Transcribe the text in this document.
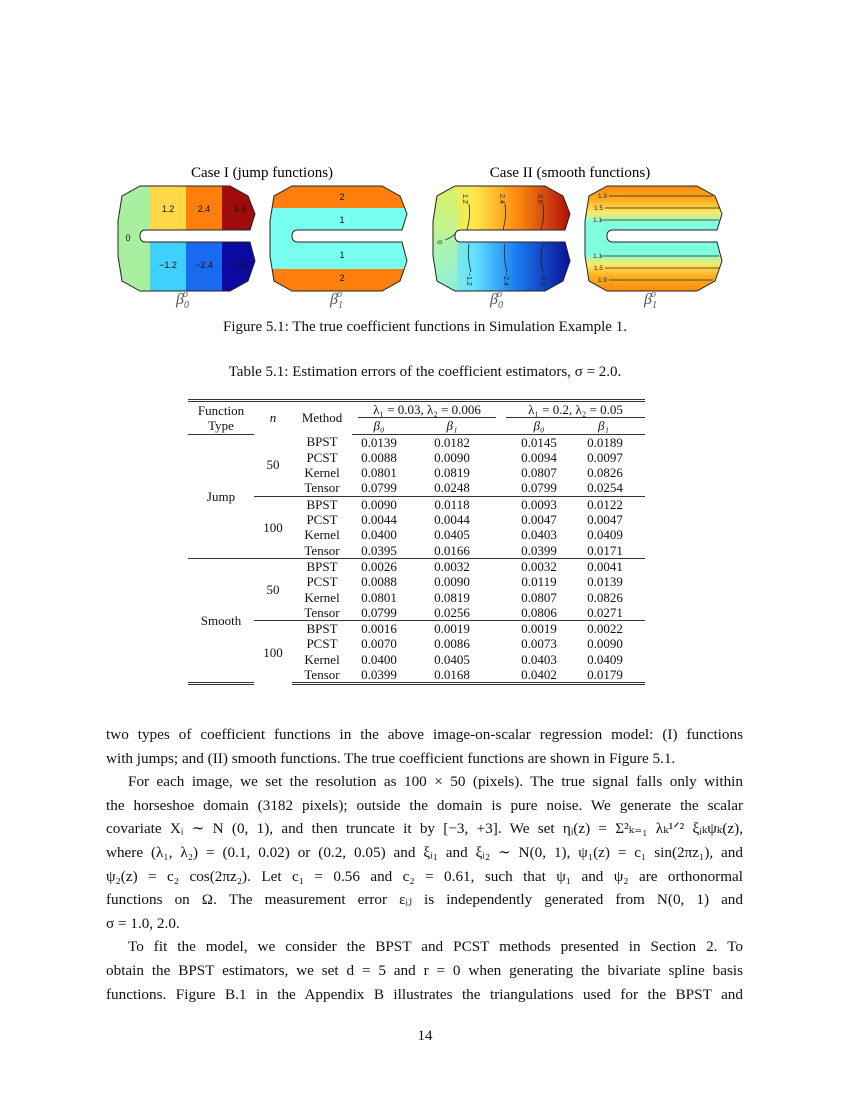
Case I (jump functions)	Case II (smooth functions)
0
1.2	2.4	3.6
−1.2 −2.4 −3.6
2
1
1
2
1.2	2.4	3.6
0
−1.2	−2.4	−3.6
1.9
1.5
1.1
1.1
1.5
1.9
$\beta_0o$	$\beta_1o$	$\beta_0o$	$\beta_1o$
Figure 5.1: The true coefficient functions in Simulation Example 1.
Table 5.1: Estimation errors of the coefficient estimators, σ = 2.0.
Function	n	Method	λ₁ = 0.03, λ₂ = 0.006		λ₁ = 0.2, λ₂ = 0.05		

Type			β₀	β₁	β₀	β₁	
Jump	50	BPST	0.0139	0.0182	0.0145	0.0189	
		PCST	0.0088	0.0090	0.0094	0.0097	
		Kernel	0.0801	0.0819	0.0807	0.0826	
		Tensor	0.0799	0.0248	0.0799	0.0254	
	100	BPST	0.0090	0.0118	0.0093	0.0122	
		PCST	0.0044	0.0044	0.0047	0.0047	
		Kernel	0.0400	0.0405	0.0403	0.0409	
		Tensor	0.0395	0.0166	0.0399	0.0171	
Smooth	50	BPST	0.0026	0.0032	0.0032	0.0041	
		PCST	0.0088	0.0090	0.0119	0.0139	
		Kernel	0.0801	0.0819	0.0807	0.0826	
		Tensor	0.0799	0.0256	0.0806	0.0271	
	100	BPST	0.0016	0.0019	0.0019	0.0022	
		PCST	0.0070	0.0086	0.0073	0.0090	
		Kernel	0.0400	0.0405	0.0403	0.0409	
		Tensor	0.0399	0.0168	0.0402	0.0179	
two types of coefficient functions in the above image-on-scalar regression model: (I) functions
with jumps; and (II) smooth functions. The true coefficient functions are shown in Figure 5.1.
For each image, we set the resolution as 100 × 50 (pixels). The true signal falls only within
the horseshoe domain (3182 pixels); outside the domain is pure noise. We generate the scalar
covariate Xᵢ ∼ N (0, 1), and then truncate it by [−3, +3]. We set ηᵢ(z) = Σ²ₖ₌₁ λₖ¹ᐟ² ξᵢₖψₖ(z),
where (λ₁, λ₂) = (0.1, 0.02) or (0.2, 0.05) and ξᵢ₁ and ξᵢ₂ ∼ N(0, 1), ψ₁(z) = c₁ sin(2πz₁), and
ψ₂(z) = c₂ cos(2πz₂). Let c₁ = 0.56 and c₂ = 0.61, such that ψ₁ and ψ₂ are orthonormal
functions on Ω. The measurement error εᵢⱼ is independently generated from N(0, 1) and
σ = 1.0, 2.0.
To fit the model, we consider the BPST and PCST methods presented in Section 2. To
obtain the BPST estimators, we set d = 5 and r = 0 when generating the bivariate spline basis
functions. Figure B.1 in the Appendix B illustrates the triangulations used for the BPST and
14
